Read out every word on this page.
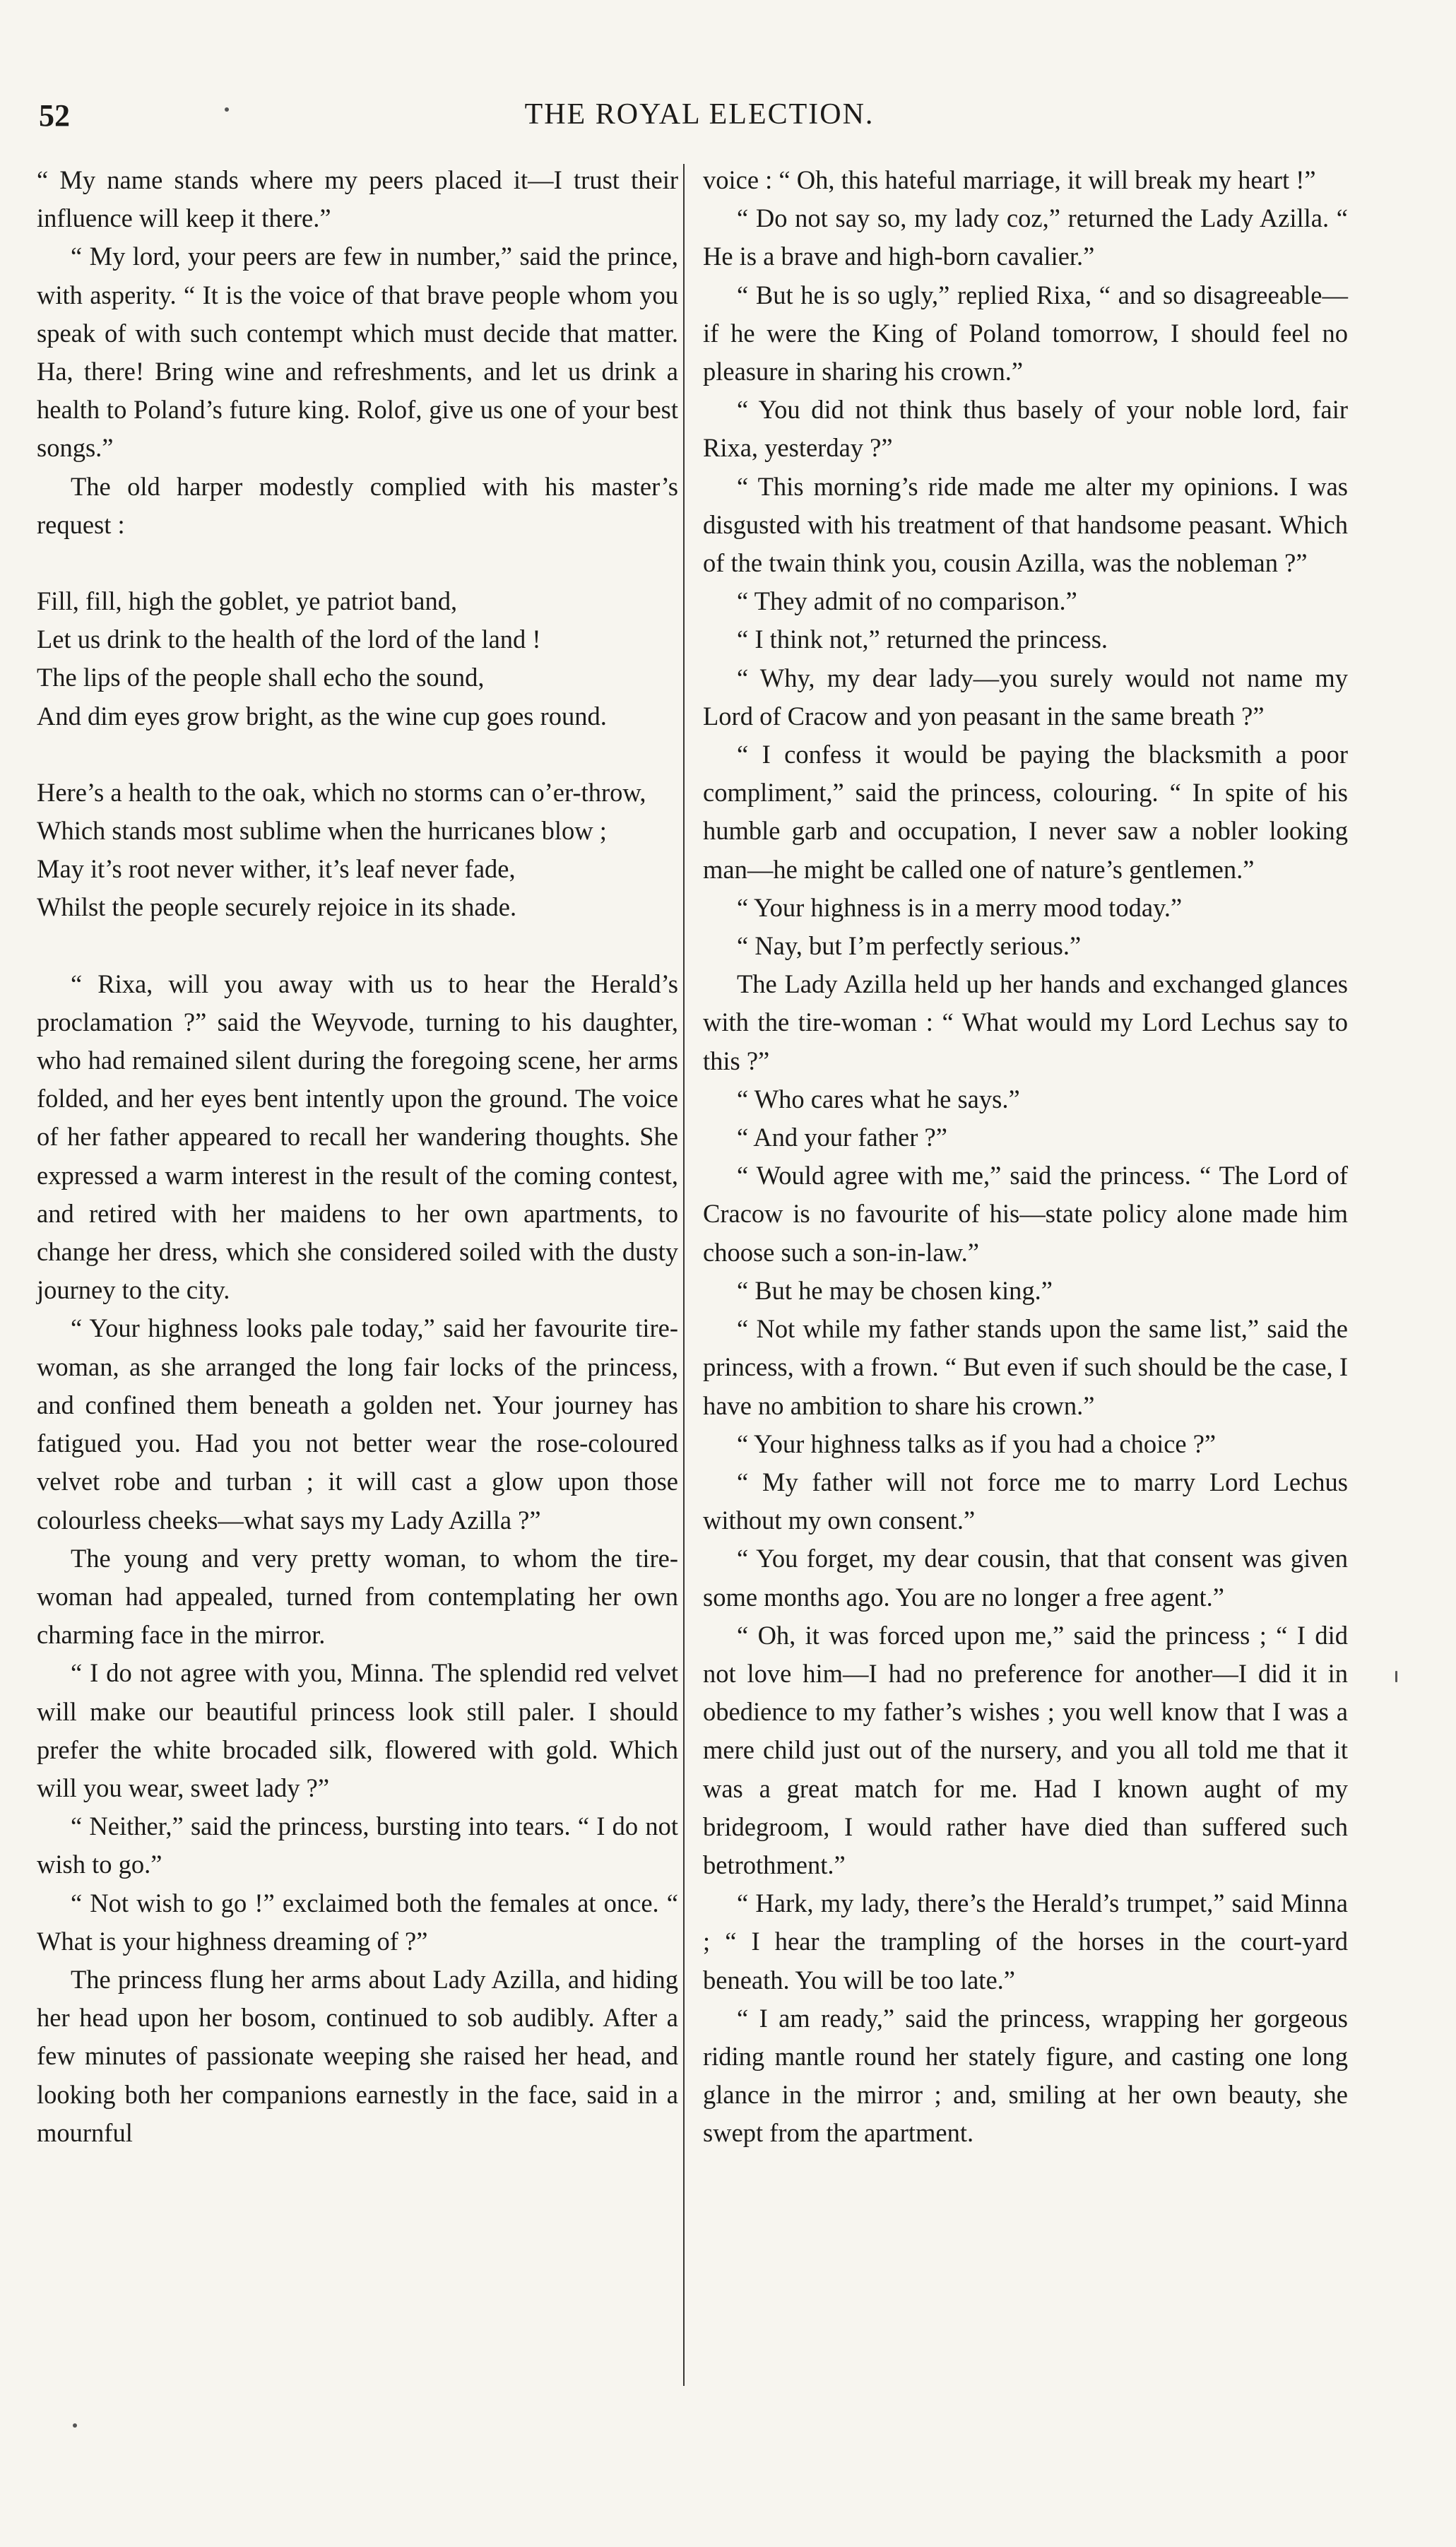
52	THE ROYAL ELECTION.

“ My name stands where my peers placed it—I trust their influence will keep it there.”

“ My lord, your peers are few in number,” said the prince, with asperity. “ It is the voice of that brave people whom you speak of with such contempt which must decide that matter. Ha, there! Bring wine and refreshments, and let us drink a health to Poland’s future king. Rolof, give us one of your best songs.”

The old harper modestly complied with his master’s request :

Fill, fill, high the goblet, ye patriot band,
Let us drink to the health of the lord of the land !
The lips of the people shall echo the sound,
And dim eyes grow bright, as the wine cup goes round.
Here’s a health to the oak, which no storms can o’er-throw,
Which stands most sublime when the hurricanes blow ;
May it’s root never wither, it’s leaf never fade,
Whilst the people securely rejoice in its shade.

“ Rixa, will you away with us to hear the Herald’s proclamation ?” said the Weyvode, turning to his daughter, who had remained silent during the foregoing scene, her arms folded, and her eyes bent intently upon the ground. The voice of her father appeared to recall her wandering thoughts. She expressed a warm interest in the result of the coming contest, and retired with her maidens to her own apartments, to change her dress, which she considered soiled with the dusty journey to the city.

“ Your highness looks pale today,” said her favourite tire-woman, as she arranged the long fair locks of the princess, and confined them beneath a golden net. Your journey has fatigued you. Had you not better wear the rose-coloured velvet robe and turban ; it will cast a glow upon those colourless cheeks—what says my Lady Azilla ?”

The young and very pretty woman, to whom the tire-woman had appealed, turned from contemplating her own charming face in the mirror.

“ I do not agree with you, Minna. The splendid red velvet will make our beautiful princess look still paler. I should prefer the white brocaded silk, flowered with gold. Which will you wear, sweet lady ?”

“ Neither,” said the princess, bursting into tears. “ I do not wish to go.”

“ Not wish to go !” exclaimed both the females at once. “ What is your highness dreaming of ?”

The princess flung her arms about Lady Azilla, and hiding her head upon her bosom, continued to sob audibly. After a few minutes of passionate weeping she raised her head, and looking both her companions earnestly in the face, said in a mournful

voice : “ Oh, this hateful marriage, it will break my heart !”

“ Do not say so, my lady coz,” returned the Lady Azilla. “ He is a brave and high-born cavalier.”

“ But he is so ugly,” replied Rixa, “ and so disagreeable—if he were the King of Poland tomorrow, I should feel no pleasure in sharing his crown.”

“ You did not think thus basely of your noble lord, fair Rixa, yesterday ?”

“ This morning’s ride made me alter my opinions. I was disgusted with his treatment of that handsome peasant. Which of the twain think you, cousin Azilla, was the nobleman ?”

“ They admit of no comparison.”

“ I think not,” returned the princess.

“ Why, my dear lady—you surely would not name my Lord of Cracow and yon peasant in the same breath ?”

“ I confess it would be paying the blacksmith a poor compliment,” said the princess, colouring. “ In spite of his humble garb and occupation, I never saw a nobler looking man—he might be called one of nature’s gentlemen.”

“ Your highness is in a merry mood today.”

“ Nay, but I’m perfectly serious.”

The Lady Azilla held up her hands and exchanged glances with the tire-woman : “ What would my Lord Lechus say to this ?”

“ Who cares what he says.”

“ And your father ?”

“ Would agree with me,” said the princess. “ The Lord of Cracow is no favourite of his—state policy alone made him choose such a son-in-law.”

“ But he may be chosen king.”

“ Not while my father stands upon the same list,” said the princess, with a frown. “ But even if such should be the case, I have no ambition to share his crown.”

“ Your highness talks as if you had a choice ?”

“ My father will not force me to marry Lord Lechus without my own consent.”

“ You forget, my dear cousin, that that consent was given some months ago. You are no longer a free agent.”

“ Oh, it was forced upon me,” said the princess ; “ I did not love him—I had no preference for another—I did it in obedience to my father’s wishes ; you well know that I was a mere child just out of the nursery, and you all told me that it was a great match for me. Had I known aught of my bridegroom, I would rather have died than suffered such betrothment.”

“ Hark, my lady, there’s the Herald’s trumpet,” said Minna ; “ I hear the trampling of the horses in the court-yard beneath. You will be too late.”

“ I am ready,” said the princess, wrapping her gorgeous riding mantle round her stately figure, and casting one long glance in the mirror ; and, smiling at her own beauty, she swept from the apartment.
